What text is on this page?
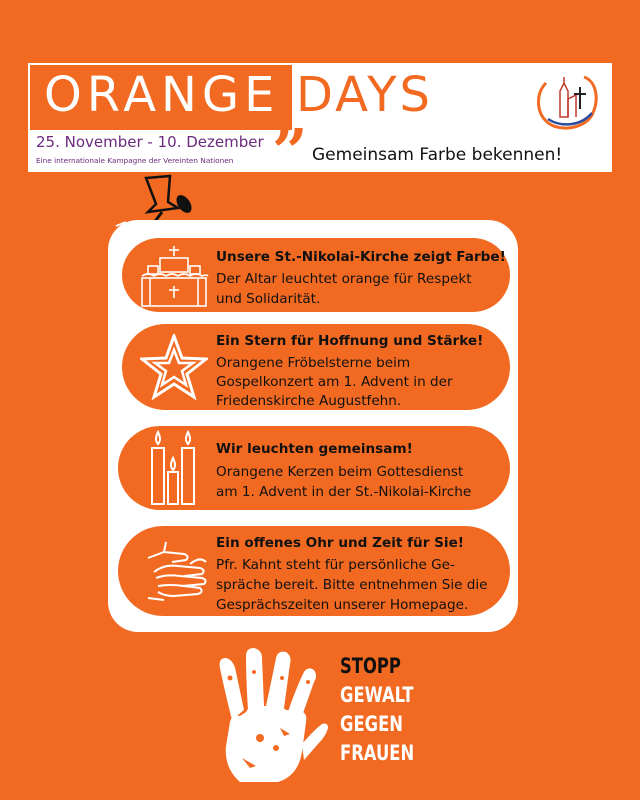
ORANGE DAYS
25. November - 10. Dezember
Eine internationale Kampagne der Vereinten Nationen ” Gemeinsam Farbe bekennen!
Unsere St.-Nikolai-Kirche zeigt Farbe!
Der Altar leuchtet orange für Respekt
und Solidarität.
Ein Stern für Hoffnung und Stärke!
Orangene Fröbelsterne beim
Gospelkonzert am 1. Advent in der
Friedenskirche Augustfehn.
Wir leuchten gemeinsam!
Orangene Kerzen beim Gottesdienst
am 1. Advent in der St.-Nikolai-Kirche
Ein offenes Ohr und Zeit für Sie!
Pfr. Kahnt steht für persönliche Ge-
spräche bereit. Bitte entnehmen Sie die
Gesprächszeiten unserer Homepage.
STOPP
GEWALT
GEGEN
FRAUEN
